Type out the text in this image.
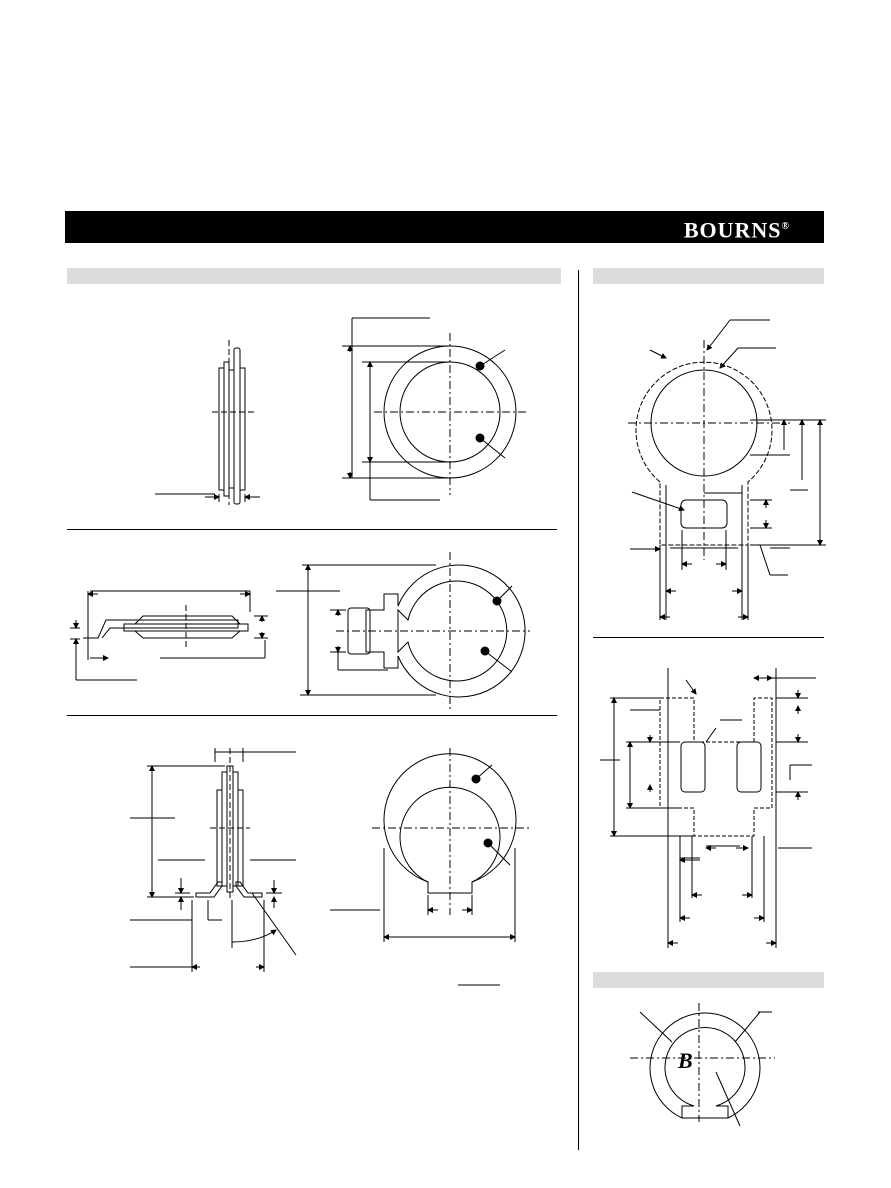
BOURNS®
B
